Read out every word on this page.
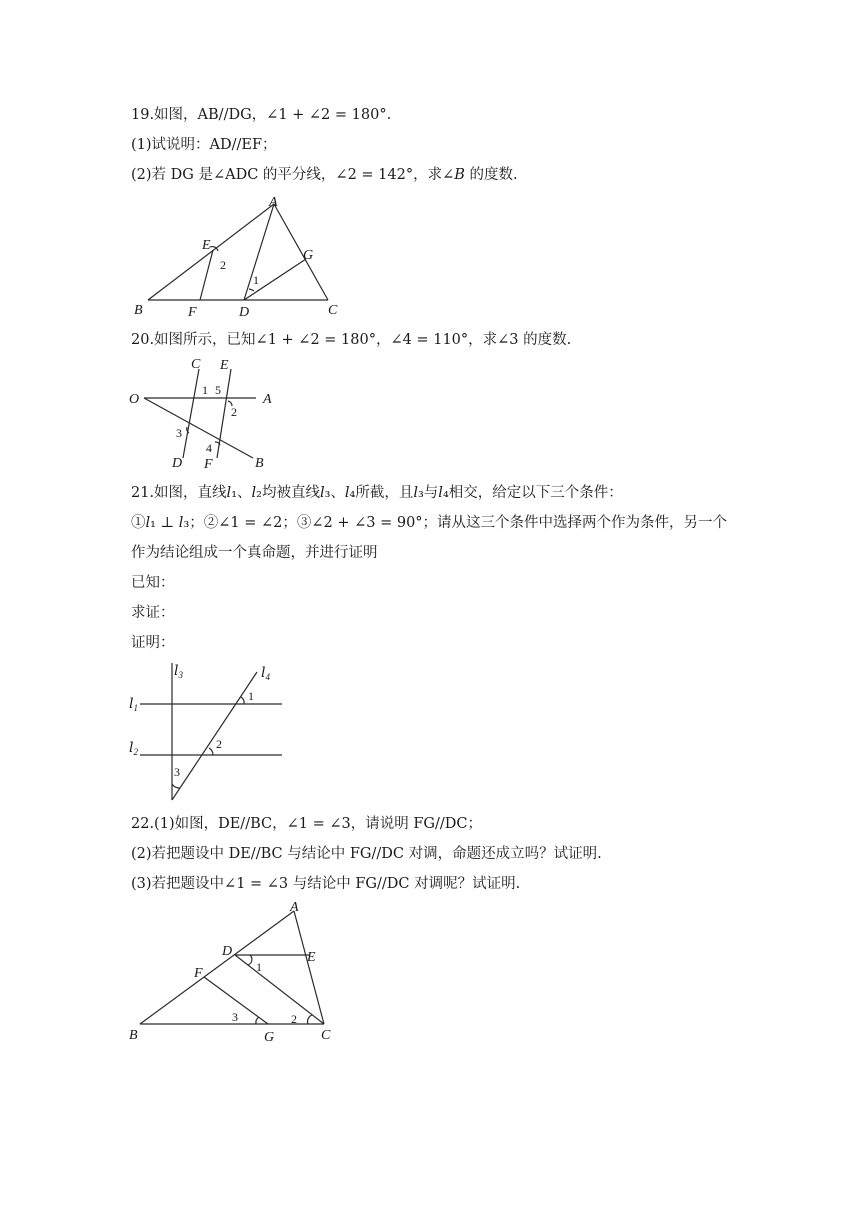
19.如图，AB//DG，∠1 + ∠2 = 180°.
(1)试说明：AD//EF；
(2)若 DG 是∠ADC 的平分线，∠2 = 142°，求∠𝐵 的度数.
A
E
G
B	F	D	C
2
1
20.如图所示，已知∠1 + ∠2 = 180°，∠4 = 110°，求∠3 的度数.
C E
O	A
D F	B
1 5
2
3
4
21.如图，直线𝑙₁、𝑙₂均被直线𝑙₃、𝑙₄所截，且𝑙₃与𝑙₄相交，给定以下三个条件：
①𝑙₁ ⊥ 𝑙₃；②∠1 = ∠2；③∠2 + ∠3 = 90°；请从这三个条件中选择两个作为条件，另一个
作为结论组成一个真命题，并进行证明
已知：
求证：
证明：
𝑙$_3$	𝑙$_4$
𝑙$_1$
𝑙$_2$
1
2
3
22.(1)如图，DE//BC，∠1 = ∠3，请说明 FG//DC；
(2)若把题设中 DE//BC 与结论中 FG//DC 对调，命题还成立吗？试证明.
(3)若把题设中∠1 = ∠3 与结论中 FG//DC 对调呢？试证明.
A
D	E
F
B	G	C
1
3	2
